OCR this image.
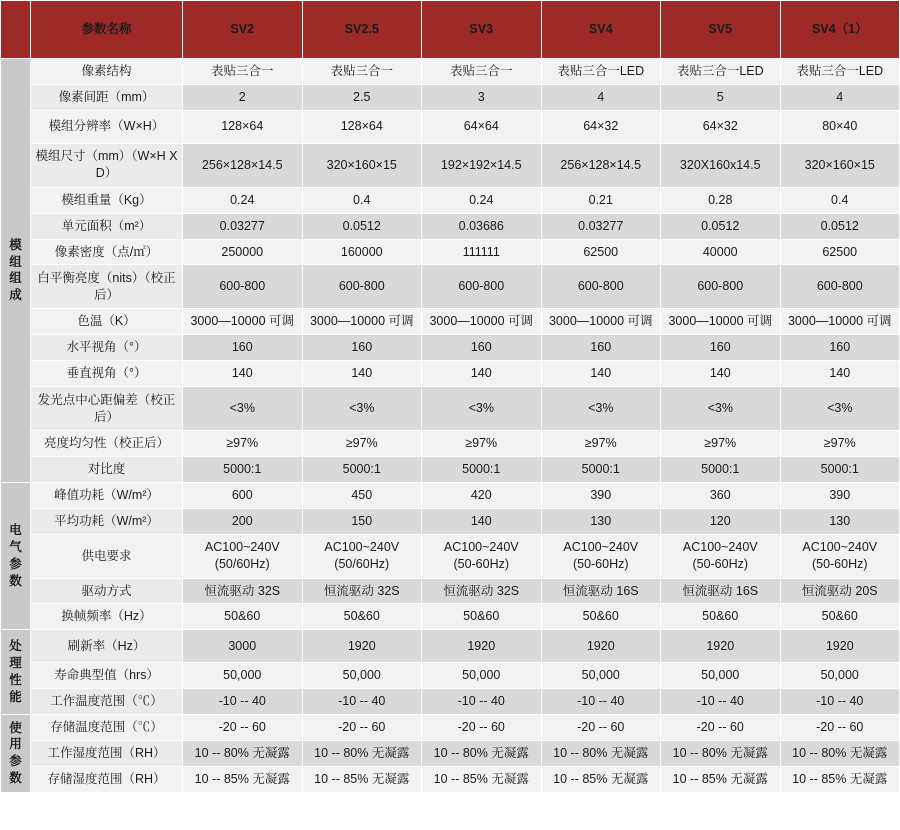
	参数名称	SV2	SV2.5	SV3	SV4	SV5	SV4（1）
模组组成	像素结构	表贴三合一	表贴三合一	表贴三合一	表贴三合一LED	表贴三合一LED	表贴三合一LED
	像素间距（mm）	2	2.5	3	4	5	4
	模组分辨率（W×H）	128×64	128×64	64×64	64×32	64×32	80×40
	模组尺寸（mm）（W×H X D）	256×128×14.5	320×160×15	192×192×14.5	256×128×14.5	320X160x14.5	320×160×15
	模组重量（Kg）	0.24	0.4	0.24	0.21	0.28	0.4
	单元面积（m²）	0.03277	0.0512	0.03686	0.03277	0.0512	0.0512
	像素密度（点/㎡）	250000	160000	111111	62500	40000	62500
	白平衡亮度（nits）（校正后）	600-800	600-800	600-800	600-800	600-800	600-800
	色温（K）	3000—10000 可调	3000—10000 可调	3000—10000 可调	3000—10000 可调	3000—10000 可调	3000—10000 可调
	水平视角（°）	160	160	160	160	160	160
	垂直视角（°）	140	140	140	140	140	140
	发光点中心距偏差（校正后）	<3%	<3%	<3%	<3%	<3%	<3%
	亮度均匀性（校正后）	≥97%	≥97%	≥97%	≥97%	≥97%	≥97%
	对比度	5000:1	5000:1	5000:1	5000:1	5000:1	5000:1
电气参数	峰值功耗（W/m²）	600	450	420	390	360	390
	平均功耗（W/m²）	200	150	140	130	120	130
	供电要求	AC100~240V
(50/60Hz)	AC100~240V
(50/60Hz)	AC100~240V
(50-60Hz)	AC100~240V
(50-60Hz)	AC100~240V
(50-60Hz)	AC100~240V
(50-60Hz)
	驱动方式	恒流驱动 32S	恒流驱动 32S	恒流驱动 32S	恒流驱动 16S	恒流驱动 16S	恒流驱动 20S
	换帧频率（Hz）	50&60	50&60	50&60	50&60	50&60	50&60
处理性能	刷新率（Hz）	3000	1920	1920	1920	1920	1920
	寿命典型值（hrs）	50,000	50,000	50,000	50,000	50,000	50,000
	工作温度范围（℃）	-10 -- 40	-10 -- 40	-10 -- 40	-10 -- 40	-10 -- 40	-10 -- 40
使用参数	存储温度范围（℃）	-20 -- 60	-20 -- 60	-20 -- 60	-20 -- 60	-20 -- 60	-20 -- 60
	工作湿度范围（RH）	10 -- 80% 无凝露	10 -- 80% 无凝露	10 -- 80% 无凝露	10 -- 80% 无凝露	10 -- 80% 无凝露	10 -- 80% 无凝露
	存储湿度范围（RH）	10 -- 85% 无凝露	10 -- 85% 无凝露	10 -- 85% 无凝露	10 -- 85% 无凝露	10 -- 85% 无凝露	10 -- 85% 无凝露
